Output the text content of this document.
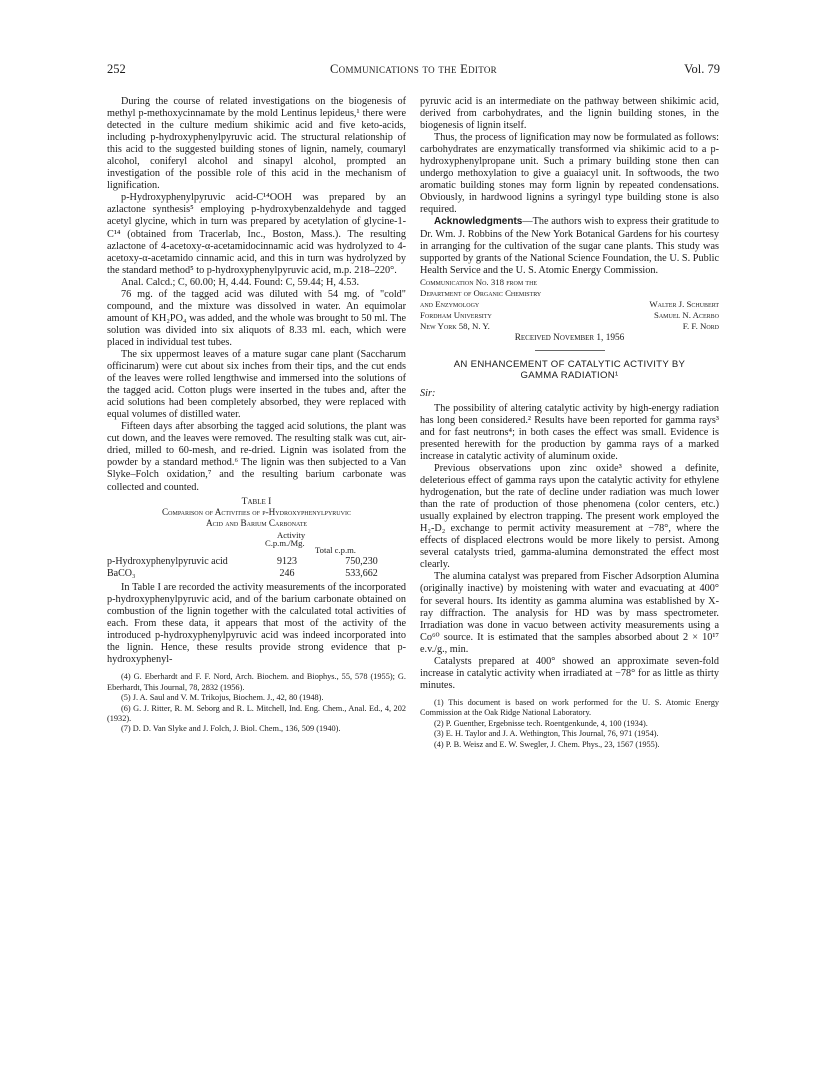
252	Communications to the Editor	Vol. 79

During the course of related investigations on the biogenesis of methyl p-methoxycinnamate by the mold Lentinus lepideus,¹ there were detected in the culture medium shikimic acid and five keto-acids, including p-hydroxyphenylpyruvic acid. The structural relationship of this acid to the suggested building stones of lignin, namely, coumaryl alcohol, coniferyl alcohol and sinapyl alcohol, prompted an investigation of the possible role of this acid in the mechanism of lignification.

p-Hydroxyphenylpyruvic acid-C¹⁴OOH was prepared by an azlactone synthesis⁵ employing p-hydroxybenzaldehyde and tagged acetyl glycine, which in turn was prepared by acetylation of glycine-1-C¹⁴ (obtained from Tracerlab, Inc., Boston, Mass.). The resulting azlactone of 4-acetoxy-α-acetamidocinnamic acid was hydrolyzed to 4-acetoxy-α-acetamido cinnamic acid, and this in turn was hydrolyzed by the standard method⁵ to p-hydroxyphenylpyruvic acid, m.p. 218–220°.

Anal. Calcd.; C, 60.00; H, 4.44. Found: C, 59.44; H, 4.53.

76 mg. of the tagged acid was diluted with 54 mg. of "cold" compound, and the mixture was dissolved in water. An equimolar amount of KH₂PO₄ was added, and the whole was brought to 50 ml. The solution was divided into six aliquots of 8.33 ml. each, which were placed in individual test tubes.

The six uppermost leaves of a mature sugar cane plant (Saccharum officinarum) were cut about six inches from their tips, and the cut ends of the leaves were rolled lengthwise and immersed into the solutions of the tagged acid. Cotton plugs were inserted in the tubes and, after the acid solutions had been completely absorbed, they were replaced with equal volumes of distilled water.

Fifteen days after absorbing the tagged acid solutions, the plant was cut down, and the leaves were removed. The resulting stalk was cut, air-dried, milled to 60-mesh, and re-dried. Lignin was isolated from the powder by a standard method.⁶ The lignin was then subjected to a Van Slyke–Folch oxidation,⁷ and the resulting barium carbonate was collected and counted.

Table I
Comparison of Activities of p-Hydroxyphenylpyruvic
Acid and Barium Carbonate
Activity
C.p.m./Mg.
Total c.p.m.
p-Hydroxyphenylpyruvic acid	9123	750,230
BaCO₃	246	533,662

In Table I are recorded the activity measurements of the incorporated p-hydroxyphenylpyruvic acid, and of the barium carbonate obtained on combustion of the lignin together with the calculated total activities of each. From these data, it appears that most of the activity of the introduced p-hydroxyphenylpyruvic acid was indeed incorporated into the lignin. Hence, these results provide strong evidence that p-hydroxyphenyl-

(4) G. Eberhardt and F. F. Nord, Arch. Biochem. and Biophys., 55, 578 (1955); G. Eberhardt, This Journal, 78, 2832 (1956).
(5) J. A. Saul and V. M. Trikojus, Biochem. J., 42, 80 (1948).
(6) G. J. Ritter, R. M. Seborg and R. L. Mitchell, Ind. Eng. Chem., Anal. Ed., 4, 202 (1932).
(7) D. D. Van Slyke and J. Folch, J. Biol. Chem., 136, 509 (1940).

pyruvic acid is an intermediate on the pathway between shikimic acid, derived from carbohydrates, and the lignin building stones, in the biogenesis of lignin itself.

Thus, the process of lignification may now be formulated as follows: carbohydrates are enzymatically transformed via shikimic acid to a p-hydroxyphenylpropane unit. Such a primary building stone then can undergo methoxylation to give a guaiacyl unit. In softwoods, the two aromatic building stones may form lignin by repeated condensations. Obviously, in hardwood lignins a syringyl type building stone is also required.

Acknowledgments—The authors wish to express their gratitude to Dr. Wm. J. Robbins of the New York Botanical Gardens for his courtesy in arranging for the cultivation of the sugar cane plants. This study was supported by grants of the National Science Foundation, the U. S. Public Health Service and the U. S. Atomic Energy Commission.

Communication No. 318 from the
Department of Organic Chemistry
and Enzymology	Walter J. Schubert
Fordham University	Samuel N. Acerbo
New York 58, N. Y.	F. F. Nord
Received November 1, 1956
AN ENHANCEMENT OF CATALYTIC ACTIVITY BY
GAMMA RADIATION¹
Sir:

The possibility of altering catalytic activity by high-energy radiation has long been considered.² Results have been reported for gamma rays³ and for fast neutrons⁴; in both cases the effect was small. Evidence is presented herewith for the production by gamma rays of a marked increase in catalytic activity of aluminum oxide.

Previous observations upon zinc oxide³ showed a definite, deleterious effect of gamma rays upon the catalytic activity for ethylene hydrogenation, but the rate of decline under radiation was much lower than the rate of production of those phenomena (color centers, etc.) usually explained by electron trapping. The present work employed the H₂-D₂ exchange to permit activity measurement at −78°, where the effects of displaced electrons would be more likely to persist. Among several catalysts tried, gamma-alumina demonstrated the effect most clearly.

The alumina catalyst was prepared from Fischer Adsorption Alumina (originally inactive) by moistening with water and evacuating at 400° for several hours. Its identity as gamma alumina was established by X-ray diffraction. The analysis for HD was by mass spectrometer. Irradiation was done in vacuo between activity measurements using a Co⁶⁰ source. It is estimated that the samples absorbed about 2 × 10¹⁷ e.v./g., min.

Catalysts prepared at 400° showed an approximate seven-fold increase in catalytic activity when irradiated at −78° for as little as thirty minutes.

(1) This document is based on work performed for the U. S. Atomic Energy Commission at the Oak Ridge National Laboratory.
(2) P. Guenther, Ergebnisse tech. Roentgenkunde, 4, 100 (1934).
(3) E. H. Taylor and J. A. Wethington, This Journal, 76, 971 (1954).
(4) P. B. Weisz and E. W. Swegler, J. Chem. Phys., 23, 1567 (1955).
